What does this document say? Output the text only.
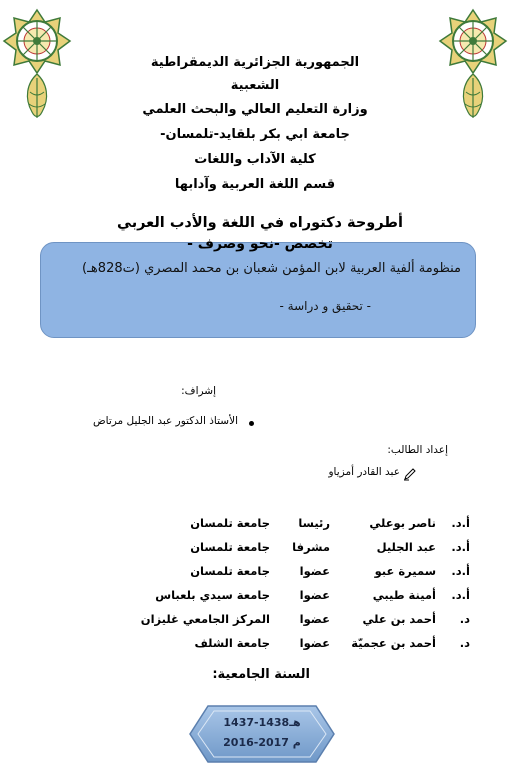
الجمهورية الجزائرية الديمقراطية
الشعبية
وزارة التعليم العالي والبحث العلمي
جامعة ابي بكر بلقايد-تلمسان-
كلية الآداب واللغات
قسم اللغة العربية وآدابها
أطروحة دكتوراه في اللغة والأدب العربي
منظومة ألفية العربية لابن المؤمن شعبان بن محمد المصري (ت828هـ)
- تحقيق و دراسة -
تخصص -نحو وصرف -
إشراف:
الأستاذ الدكتور عبد الجليل مرتاض
إعداد الطالب:
عبد القادر أمزياو
أ.د.
ناصر بوعلي
رئيسا
جامعة تلمسان
أ.د.
عبد الجليل
مشرفا
جامعة تلمسان
أ.د.
سميرة عبو
عضوا
جامعة تلمسان
أ.د.
أمينة طيبي
عضوا
جامعة سيدي بلعباس
د.
أحمد بن علي
عضوا
المركز الجامعي غليزان
د.
أحمد بن عجميّة
عضوا
جامعة الشلف
السنة الجامعية:
1437-1438هـ
2016-2017 م
